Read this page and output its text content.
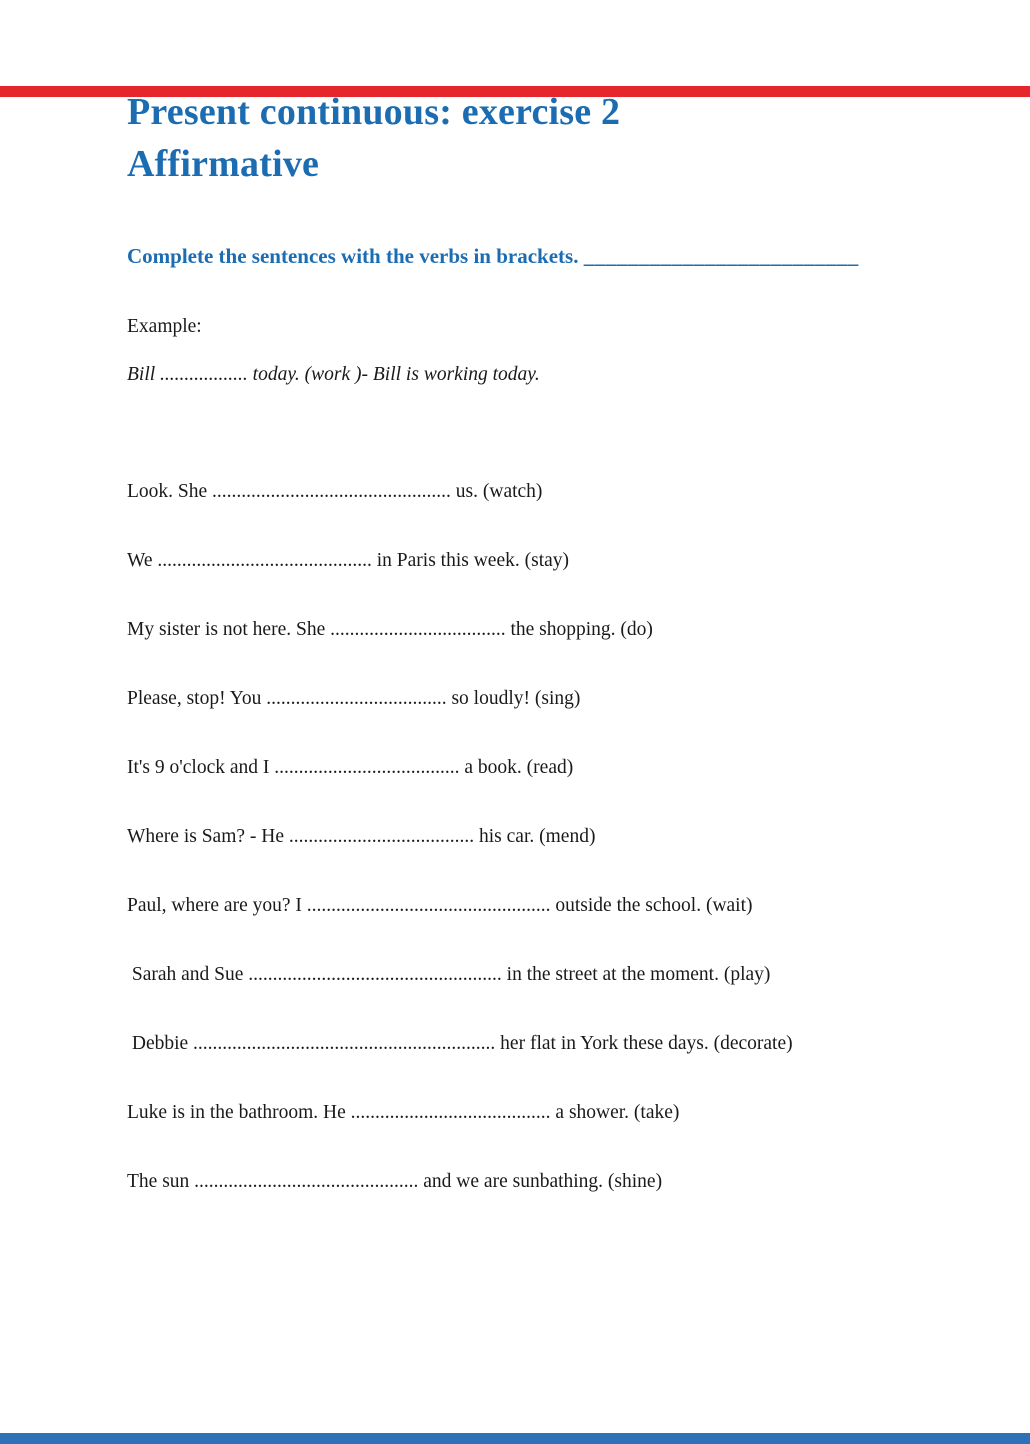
Present continuous: exercise 2
Affirmative

Complete the sentences with the verbs in brackets. _________________________

Example:

Bill .................. today. (work )- Bill is working today.

Look. She ................................................. us. (watch)

We ............................................ in Paris this week. (stay)

My sister is not here. She .................................... the shopping. (do)

Please, stop! You ..................................... so loudly! (sing)

It's 9 o'clock and I ...................................... a book. (read)

Where is Sam? - He ...................................... his car. (mend)

Paul, where are you? I .................................................. outside the school. (wait)

Sarah and Sue .................................................... in the street at the moment. (play)

Debbie .............................................................. her flat in York these days. (decorate)

Luke is in the bathroom. He ......................................... a shower. (take)

The sun .............................................. and we are sunbathing. (shine)
